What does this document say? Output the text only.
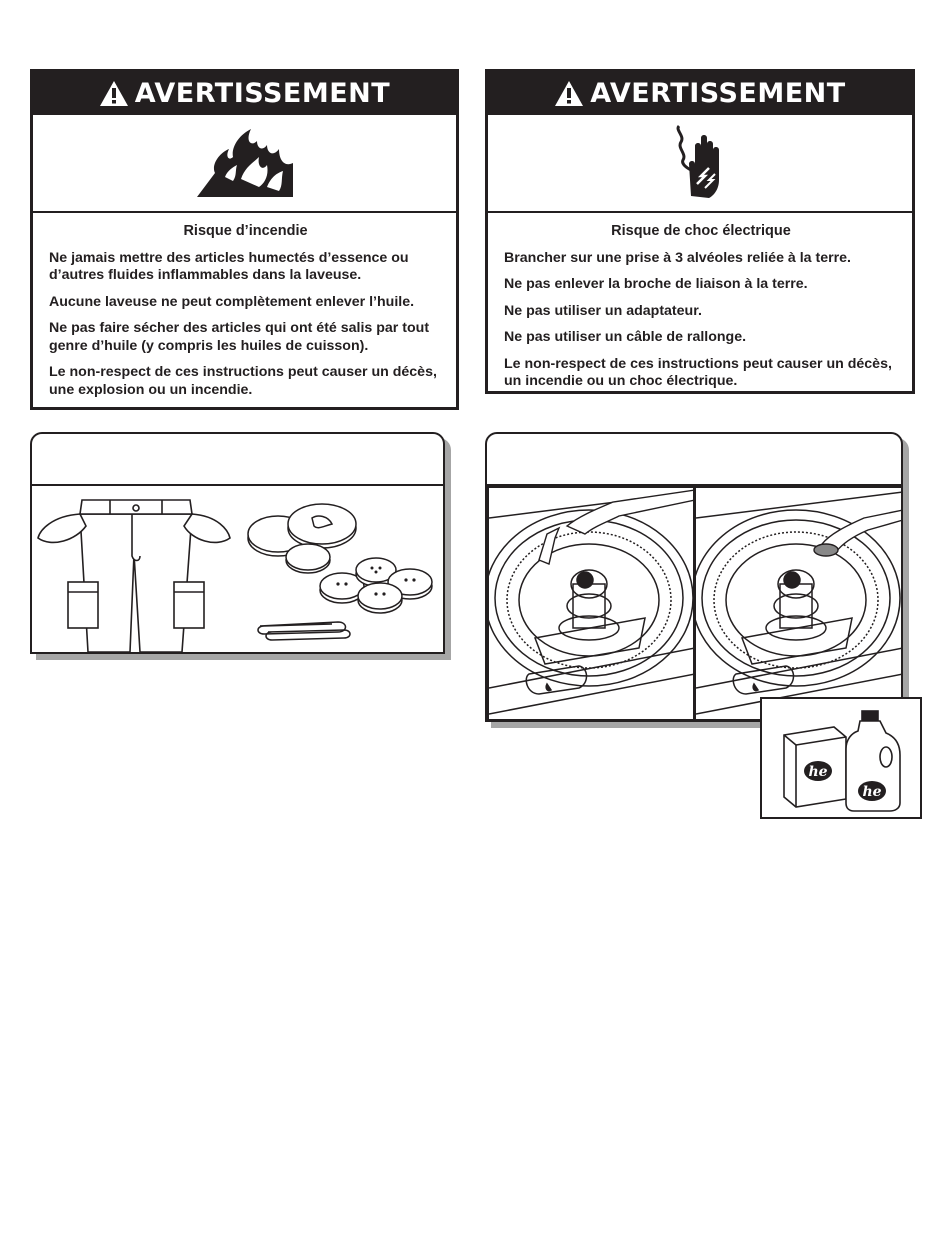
AVERTISSEMENT
Risque d’incendie

Ne jamais mettre des articles humectés d’essence ou d’autres fluides inflammables dans la laveuse.

Aucune laveuse ne peut complètement enlever l’huile.

Ne pas faire sécher des articles qui ont été salis par tout genre d’huile (y compris les huiles de cuisson).

Le non-respect de ces instructions peut causer un décès, une explosion ou un incendie.

AVERTISSEMENT
Risque de choc électrique

Brancher sur une prise à 3 alvéoles reliée à la terre.

Ne pas enlever la broche de liaison à la terre.

Ne pas utiliser un adaptateur.

Ne pas utiliser un câble de rallonge.

Le non-respect de ces instructions peut causer un décès, un incendie ou un choc électrique.

he
he
